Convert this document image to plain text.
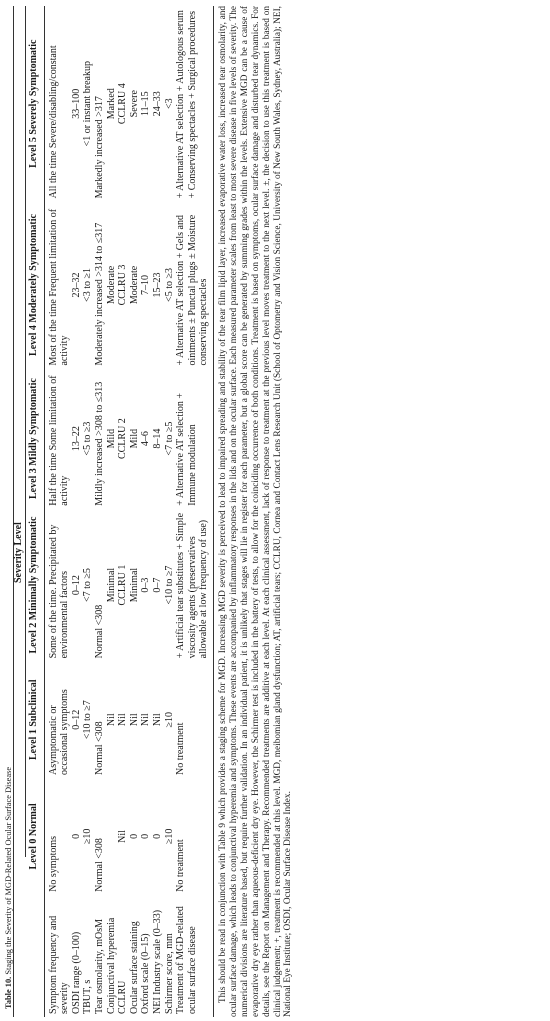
Table 10. Staging the Severity of MGD-Related Ocular Surface Disease
Severity Level
	Level 0 Normal	Level 1 Subclinical	Level 2 Minimally Symptomatic	Level 3 Mildly Symptomatic	Level 4 Moderately Symptomatic	Level 5 Severely Symptomatic
Symptom frequency and severity	No symptoms	Asymptomatic or occasional symptoms	Some of the time. Precipitated by environmental factors	Half the time Some limitation of activity	Most of the time Frequent limitation of activity	All the time Severe/disabling/constant
OSDI range (0–100)	0	0–12	0–12	13–22	23–32	33–100
TBUT, s	≥10	<10 to ≥7	<7 to ≥5	<5 to ≥3	<3 to ≥1	<1 or instant breakup
Tear osmolarity, mOsM	Normal <308	Normal <308	Normal <308	Mildly increased >308 to ≤313	Moderately increased >314 to ≤317	Markedly increased >317
Conjunctival hyperemia		Nil	Minimal	Mild	Moderate	Marked
CCLRU	Nil	Nil	CCLRU 1	CCLRU 2	CCLRU 3	CCLRU 4
Ocular surface staining	0	Nil	Minimal	Mild	Moderate	Severe
Oxford scale (0–15)	0	Nil	0–3	4–6	7–10	11–15
NEI Industry scale (0–33)	0	Nil	0–7	8–14	15–23	24–33
Schirmer score, mm	≥10	≥10	<10 to ≥7	<7 to ≥5	<5 to ≥3	<3
Treatment of MGD-related ocular surface disease	No treatment	No treatment	+ Artificial tear substitutes + Simple viscosity agents (preservatives allowable at low frequency of use)	+ Alternative AT selection + Immune modulation	+ Alternative AT selection + Gels and ointments ± Punctal plugs ± Moisture conserving spectacles	+ Alternative AT selection + Autologous serum + Conserving spectacles + Surgical procedures This should be read in conjunction with Table 9 which provides a staging scheme for MGD. Increasing MGD severity is perceived to lead to impaired spreading and stability of the tear film lipid layer, increased evaporative water loss, increased tear osmolarity, and ocular surface damage, which leads to conjunctival hyperemia and symptoms. These events are accompanied by inflammatory responses in the lids and on the ocular surface. Each measured parameter scales from least to most severe disease in five levels of severity. The numerical divisions are literature based, but require further validation. In an individual patient, it is unlikely that stages will lie in register for each parameter, but a global score can be generated by summing grades within the levels. Extensive MGD can be a cause of evaporative dry eye rather than aqueous-deficient dry eye. However, the Schirmer test is included in the battery of tests, to allow for the coinciding occurrence of both conditions. Treatment is based on symptoms, ocular surface damage and disturbed tear dynamics. For details, see the Report on Management and Therapy. Recommended treatments are additive at each level. At each clinical assessment, lack of response to treatment at the previous level moves treatment to the next level. ±, the decision to use this treatment is based on clinical judgement; +, treatment is recommended at this level. MGD, meibomian gland dysfunction; AT, artificial tears; CCLRU, Cornea and Contact Lens Research Unit (School of Optometry and Vision Science, University of New South Wales, Sydney, Australia); NEI, National Eye Institute; OSDI, Ocular Surface Disease Index.
